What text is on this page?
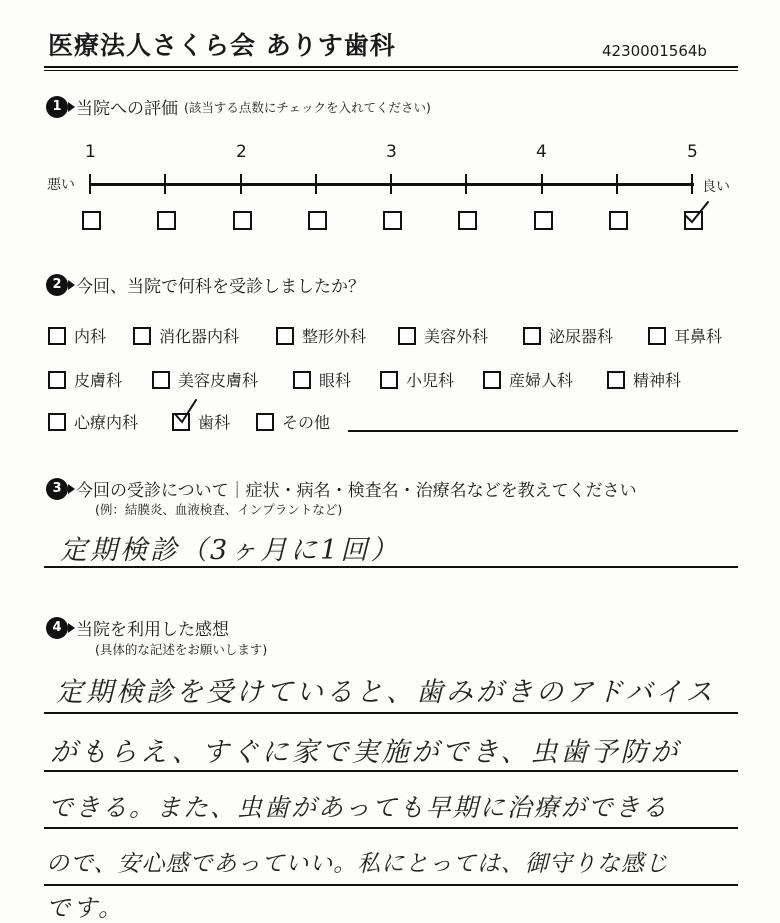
医療法人さくら会 ありす歯科	4230001564b
1 当院への評価 (該当する点数にチェックを入れてください)
1	2	3	4	5
悪い	良い
2 今回、当院で何科を受診しましたか？
内科	消化器内科	整形外科	美容外科	泌尿器科	耳鼻科
皮膚科	美容皮膚科	眼科	小児科	産婦人科	精神科
心療内科	歯科	その他
3 今回の受診について｜症状・病名・検査名・治療名などを教えてください
(例：結膜炎、血液検査、インプラントなど)
定期検診（3ヶ月に1回）
4 当院を利用した感想
(具体的な記述をお願いします)
定期検診を受けていると、歯みがきのアドバイス
がもらえ、すぐに家で実施ができ、虫歯予防が
できる。また、虫歯があっても早期に治療ができる
ので、安心感であっていい。私にとっては、御守りな感じ
です。
